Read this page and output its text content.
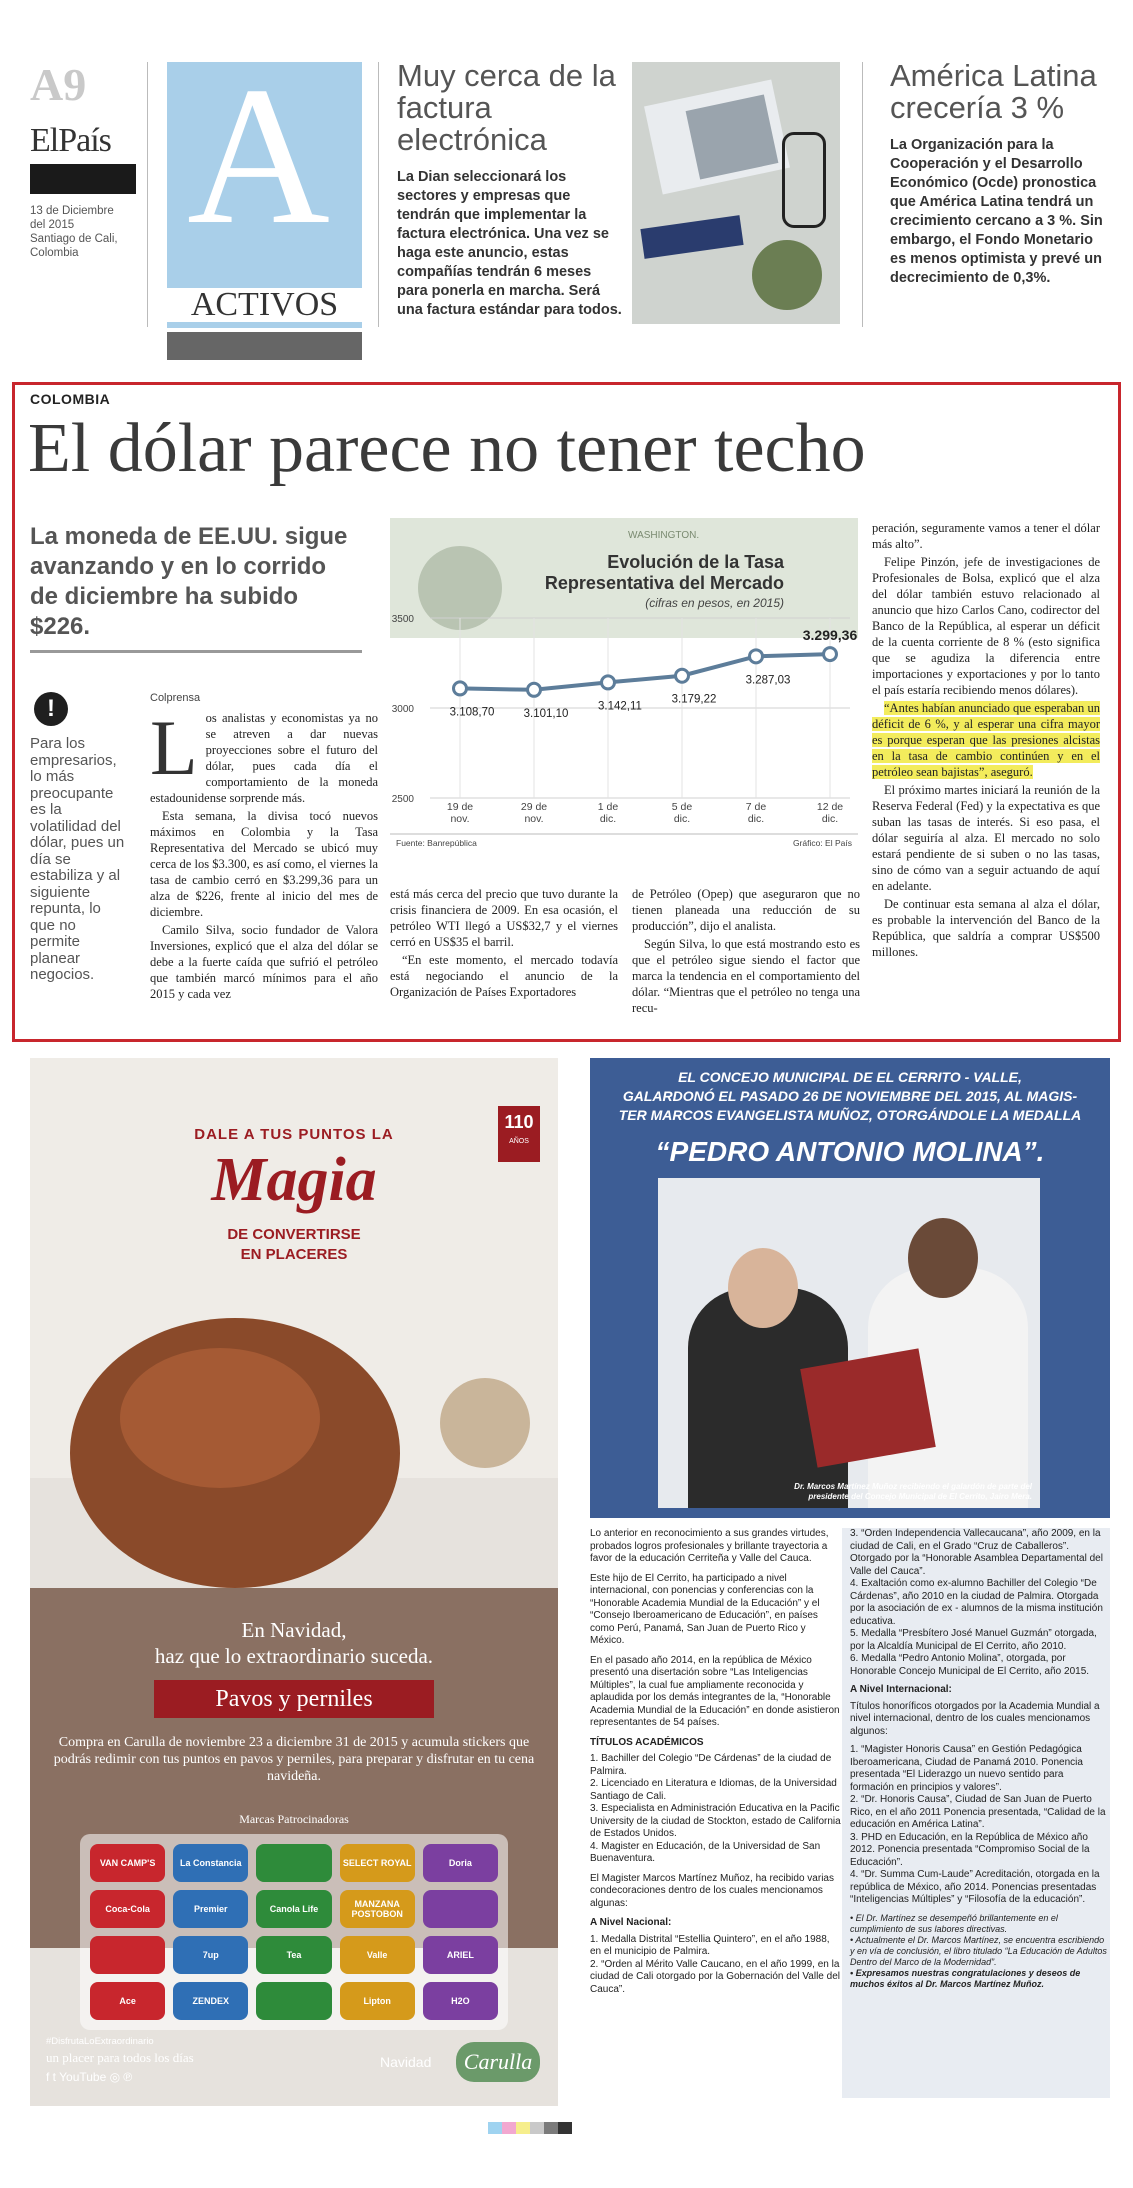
A9
ElPaís
13 de Diciembre
del 2015
Santiago de Cali,
Colombia A
ACTIVOS
Muy cerca de la factura electrónica
La Dian seleccionará los sectores y empresas que tendrán que implementar la factura electrónica. Una vez se haga este anuncio, estas compañías tendrán 6 meses para ponerla en marcha. Será una factura estándar para todos.
América Latina crecería 3 %
La Organización para la Cooperación y el Desarrollo Económico (Ocde) pronostica que América Latina tendrá un crecimiento cercano a 3 %. Sin embargo, el Fondo Monetario es menos optimista y prevé un decrecimiento de 0,3%.
COLOMBIA
El dólar parece no tener techo
La moneda de EE.UU. sigue avanzando y en lo corrido de diciembre ha subido $226.
!
Para los empresarios, lo más preocupante es la volatilidad del dólar, pues un día se estabiliza y al siguiente repunta, lo que no permite planear negocios.
Colprensa
L os analistas y economistas ya no se atreven a dar nuevas proyecciones sobre el futuro del dólar, pues cada día el comportamiento de la moneda estadounidense sorprende más.

Esta semana, la divisa tocó nuevos máximos en Colombia y la Tasa Representativa del Mercado se ubicó muy cerca de los $3.300, es así como, el viernes la tasa de cambio cerró en $3.299,36 para un alza de $226, frente al inicio del mes de diciembre.

Camilo Silva, socio fundador de Valora Inversiones, explicó que el alza del dólar se debe a la fuerte caída que sufrió el petróleo que también marcó mínimos para el año 2015 y cada vez

WASHINGTON.
Evolución de la Tasa
Representativa del Mercado
(cifras en pesos, en 2015)
3500
3000
2500
3.108,70	3.101,10
3.142,11
3.179,22
3.287,03
3.299,36
19 de
nov.
29 de
nov.
1 de
dic.
5 de
dic.
7 de
dic.
12 de
dic.
Fuente: Banrepública	Gráfico: El País

está más cerca del precio que tuvo durante la crisis financiera de 2009. En esa ocasión, el petróleo WTI llegó a US$32,7 y el viernes cerró en US$35 el barril.

“En este momento, el mercado todavía está negociando el anuncio de la Organización de Países Exportadores

de Petróleo (Opep) que aseguraron que no tienen planeada una reducción de su producción”, dijo el analista.

Según Silva, lo que está mostrando esto es que el petróleo sigue siendo el factor que marca la tendencia en el comportamiento del dólar. “Mientras que el petróleo no tenga una recu-

peración, seguramente vamos a tener el dólar más alto”.

Felipe Pinzón, jefe de investigaciones de Profesionales de Bolsa, explicó que el alza del dólar también estuvo relacionado al anuncio que hizo Carlos Cano, codirector del Banco de la República, al esperar un déficit de la cuenta corriente de 8 % (esto significa que se agudiza la diferencia entre importaciones y exportaciones y por lo tanto el país estaría recibiendo menos dólares).

“Antes habían anunciado que esperaban un déficit de 6 %, y al esperar una cifra mayor es porque esperan que las presiones alcistas en la tasa de cambio continúen y en el petróleo sean bajistas”, aseguró.

El próximo martes iniciará la reunión de la Reserva Federal (Fed) y la expectativa es que suban las tasas de interés. Si eso pasa, el dólar seguiría al alza. El mercado no solo estará pendiente de si suben o no las tasas, sino de cómo van a seguir actuando de aquí en adelante.

De continuar esta semana al alza el dólar, es probable la intervención del Banco de la República, que saldría a comprar US$500 millones.

110
AÑOS
DALE A TUS PUNTOS LA
Magia
DE CONVERTIRSE
EN PLACERES
En Navidad,
haz que lo extraordinario suceda.
Pavos y perniles
Compra en Carulla de noviembre 23 a diciembre 31 de 2015 y acumula stickers que podrás redimir con tus puntos en pavos y perniles, para preparar y disfrutar en tu cena navideña.
Marcas Patrocinadoras
VAN CAMP'S	La Constancia	SELECT ROYAL	Doria
Coca-Cola	Premier	Canola Life	MANZANA POSTOBON
7up	Tea	Valle	ARIEL
Ace	ZENDEX	Lipton	H2O
#DisfrutaLoExtraordinario
un placer para todos los días
f t YouTube ◎ ℗
Navidad	Carulla
EL CONCEJO MUNICIPAL DE EL CERRITO - VALLE,
GALARDONÓ EL PASADO 26 DE NOVIEMBRE DEL 2015, AL MAGIS-
TER MARCOS EVANGELISTA MUÑOZ, OTORGÁNDOLE LA MEDALLA
“PEDRO ANTONIO MOLINA”.
Dr. Marcos Martínez Muñoz recibiendo el galardón de parte del presidente del Concejo Municipal de El Cerrito, Jairo Mera.

Lo anterior en reconocimiento a sus grandes virtudes, probados logros profesionales y brillante trayectoria a favor de la educación Cerriteña y Valle del Cauca.

Este hijo de El Cerrito, ha participado a nivel internacional, con ponencias y conferencias con la “Honorable Academia Mundial de la Educación” y el “Consejo Iberoamericano de Educación”, en países como Perú, Panamá, San Juan de Puerto Rico y México.

En el pasado año 2014, en la república de México presentó una disertación sobre “Las Inteligencias Múltiples”, la cual fue ampliamente reconocida y aplaudida por los demás integrantes de la, “Honorable Academia Mundial de la Educación” en donde asistieron representantes de 54 países.

TÍTULOS ACADÉMICOS

1. Bachiller del Colegio “De Cárdenas” de la ciudad de Palmira.

2. Licenciado en Literatura e Idiomas, de la Universidad Santiago de Cali.

3. Especialista en Administración Educativa en la Pacific University de la ciudad de Stockton, estado de California de Estados Unidos.

4. Magister en Educación, de la Universidad de San Buenaventura.

El Magister Marcos Martínez Muñoz, ha recibido varias condecoraciones dentro de los cuales mencionamos algunas:

A Nivel Nacional:

1. Medalla Distrital “Estellia Quintero”, en el año 1988, en el municipio de Palmira.

2. “Orden al Mérito Valle Caucano, en el año 1999, en la ciudad de Cali otorgado por la Gobernación del Valle del Cauca”.

3. “Orden Independencia Vallecaucana”, año 2009, en la ciudad de Cali, en el Grado “Cruz de Caballeros”. Otorgado por la “Honorable Asamblea Departamental del Valle del Cauca”.

4. Exaltación como ex-alumno Bachiller del Colegio “De Cárdenas”, año 2010 en la ciudad de Palmira. Otorgada por la asociación de ex - alumnos de la misma institución educativa.

5. Medalla “Presbítero José Manuel Guzmán” otorgada, por la Alcaldía Municipal de El Cerrito, año 2010.

6. Medalla “Pedro Antonio Molina”, otorgada, por Honorable Concejo Municipal de El Cerrito, año 2015.

A Nivel Internacional:

Títulos honoríficos otorgados por la Academia Mundial a nivel internacional, dentro de los cuales mencionamos algunos:

1. “Magister Honoris Causa” en Gestión Pedagógica Iberoamericana, Ciudad de Panamá 2010. Ponencia presentada “El Liderazgo un nuevo sentido para formación en principios y valores”.

2. “Dr. Honoris Causa”, Ciudad de San Juan de Puerto Rico, en el año 2011 Ponencia presentada, “Calidad de la educación en América Latina”.

3. PHD en Educación, en la República de México año 2012. Ponencia presentada “Compromiso Social de la Educación”.

4. “Dr. Summa Cum-Laude” Acreditación, otorgada en la república de México, año 2014. Ponencias presentadas “Inteligencias Múltiples” y “Filosofía de la educación”.

• El Dr. Martínez se desempeñó brillantemente en el cumplimiento de sus labores directivas.

• Actualmente el Dr. Marcos Martínez, se encuentra escribiendo y en vía de conclusión, el libro titulado “La Educación de Adultos Dentro del Marco de la Modernidad”.

• Expresamos nuestras congratulaciones y deseos de muchos éxitos al Dr. Marcos Martínez Muñoz.
